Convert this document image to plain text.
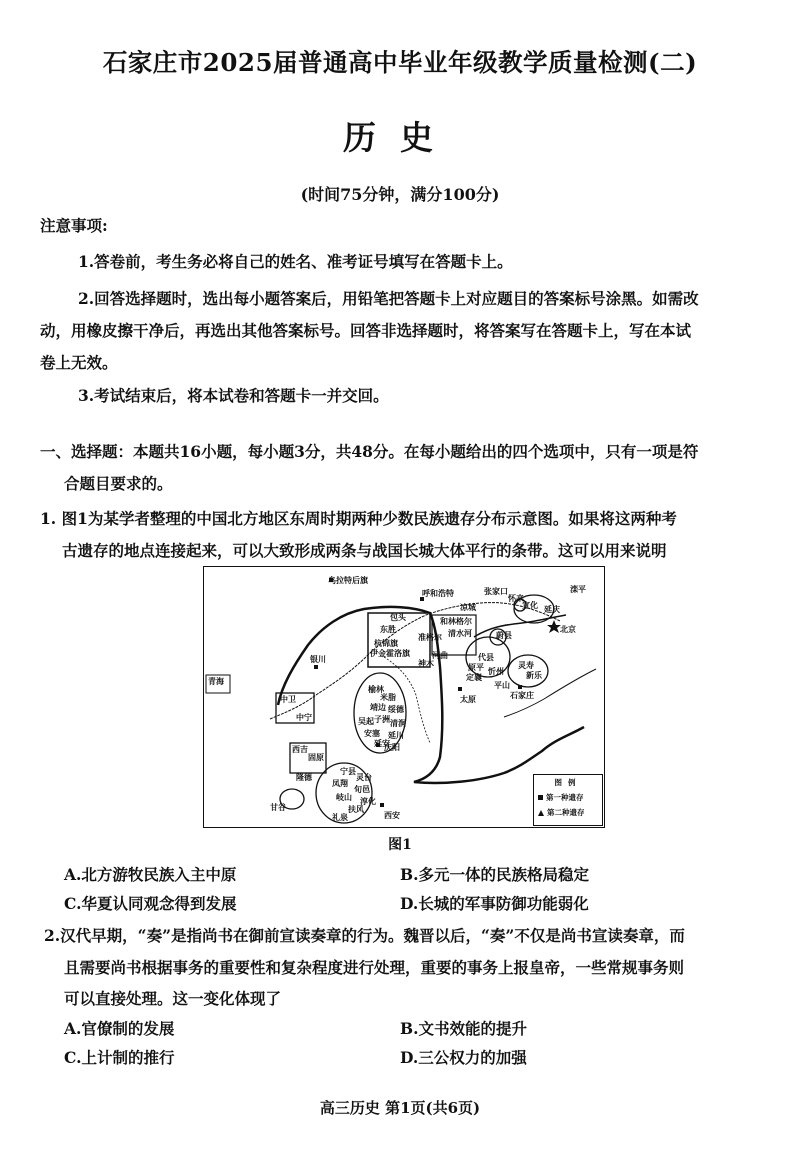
石家庄市2025届普通高中毕业年级教学质量检测(二)
历史
(时间75分钟，满分100分)
注意事项:
1.答卷前，考生务必将自己的姓名、准考证号填写在答题卡上。
2.回答选择题时，选出每小题答案后，用铅笔把答题卡上对应题目的答案标号涂黑。如需改
动，用橡皮擦干净后，再选出其他答案标号。回答非选择题时，将答案写在答题卡上，写在本试
卷上无效。
3.考试结束后，将本试卷和答题卡一并交回。
一、选择题：本题共16小题，每小题3分，共48分。在每小题给出的四个选项中，只有一项是符
合题目要求的。
1. 图1为某学者整理的中国北方地区东周时期两种少数民族遗存分布示意图。如果将这两种考
古遗存的地点连接起来，可以大致形成两条与战国长城大体平行的条带。这可以用来说明
乌拉特后旗
呼和浩特	张家口
怀来
滦平
宣化 延庆
北京
凉城
包头
东胜
和林格尔
清水河
准格尔
杭锦旗
伊金霍洛旗	河曲
神木
银川
青海
蔚县
代县
原平
定襄
忻州
平山
灵寿
新乐
石家庄
太原
榆林
米脂
靖边 绥德
子洲
吴起 清涧
安塞 延川
延安
中卫
中宁
西吉
固原
隆德
庆阳
宁县
灵台
凤翔
旬邑
岐山 淳化
扶风
礼泉	西安
甘谷
图例
第一种遗存
第二种遗存
图1
A.北方游牧民族入主中原	B.多元一体的民族格局稳定
C.华夏认同观念得到发展	D.长城的军事防御功能弱化
2.汉代早期，“奏”是指尚书在御前宣读奏章的行为。魏晋以后，“奏”不仅是尚书宣读奏章，而
且需要尚书根据事务的重要性和复杂程度进行处理，重要的事务上报皇帝，一些常规事务则
可以直接处理。这一变化体现了
A.官僚制的发展	B.文书效能的提升
C.上计制的推行	D.三公权力的加强
高三历史 第1页(共6页)
